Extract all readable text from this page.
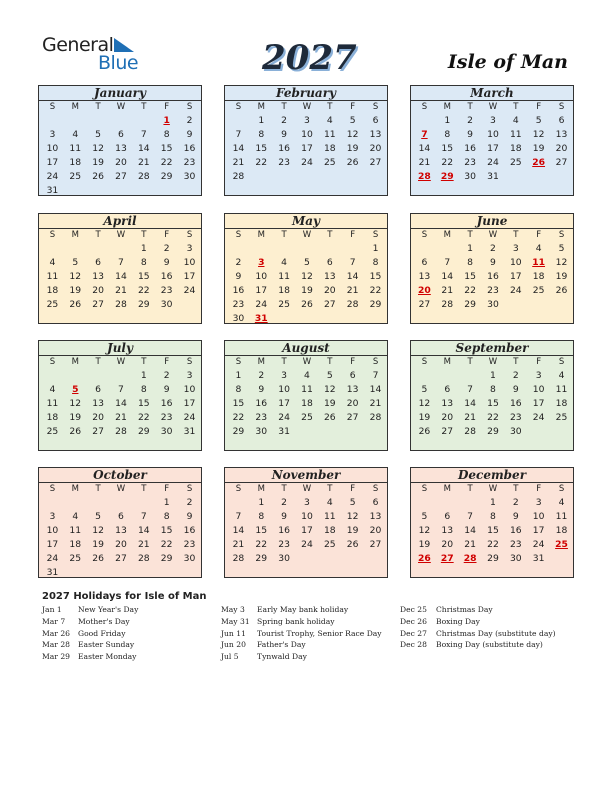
General
Blue	2027	Isle of Man
January
S	M	T	W	T	F	S
					1	2
3	4	5	6	7	8	9
10	11	12	13	14	15	16
17	18	19	20	21	22	23
24	25	26	27	28	29	30
31						
February
S	M	T	W	T	F	S
	1	2	3	4	5	6
7	8	9	10	11	12	13
14	15	16	17	18	19	20
21	22	23	24	25	26	27
28						
March
S	M	T	W	T	F	S
	1	2	3	4	5	6
7	8	9	10	11	12	13
14	15	16	17	18	19	20
21	22	23	24	25	26	27
28	29	30	31			
April
S	M	T	W	T	F	S
				1	2	3
4	5	6	7	8	9	10
11	12	13	14	15	16	17
18	19	20	21	22	23	24
25	26	27	28	29	30	
May
S	M	T	W	T	F	S
						1
2	3	4	5	6	7	8
9	10	11	12	13	14	15
16	17	18	19	20	21	22
23	24	25	26	27	28	29
30	31					
June
S	M	T	W	T	F	S
		1	2	3	4	5
6	7	8	9	10	11	12
13	14	15	16	17	18	19
20	21	22	23	24	25	26
27	28	29	30			
July
S	M	T	W	T	F	S
				1	2	3
4	5	6	7	8	9	10
11	12	13	14	15	16	17
18	19	20	21	22	23	24
25	26	27	28	29	30	31
August
S	M	T	W	T	F	S
1	2	3	4	5	6	7
8	9	10	11	12	13	14
15	16	17	18	19	20	21
22	23	24	25	26	27	28
29	30	31				
September
S	M	T	W	T	F	S
			1	2	3	4
5	6	7	8	9	10	11
12	13	14	15	16	17	18
19	20	21	22	23	24	25
26	27	28	29	30		
October
S	M	T	W	T	F	S
					1	2
3	4	5	6	7	8	9
10	11	12	13	14	15	16
17	18	19	20	21	22	23
24	25	26	27	28	29	30
31						
November
S	M	T	W	T	F	S
	1	2	3	4	5	6
7	8	9	10	11	12	13
14	15	16	17	18	19	20
21	22	23	24	25	26	27
28	29	30				
December
S	M	T	W	T	F	S
			1	2	3	4
5	6	7	8	9	10	11
12	13	14	15	16	17	18
19	20	21	22	23	24	25
26	27	28	29	30	31	
2027 Holidays for Isle of Man
Jan 1 New Year's Day
Mar 7 Mother's Day
Mar 26 Good Friday
Mar 28 Easter Sunday
Mar 29 Easter Monday
May 3 Early May bank holiday
May 31 Spring bank holiday
Jun 11 Tourist Trophy, Senior Race Day
Jun 20 Father's Day
Jul 5 Tynwald Day
Dec 25 Christmas Day
Dec 26 Boxing Day
Dec 27 Christmas Day (substitute day)
Dec 28 Boxing Day (substitute day)
